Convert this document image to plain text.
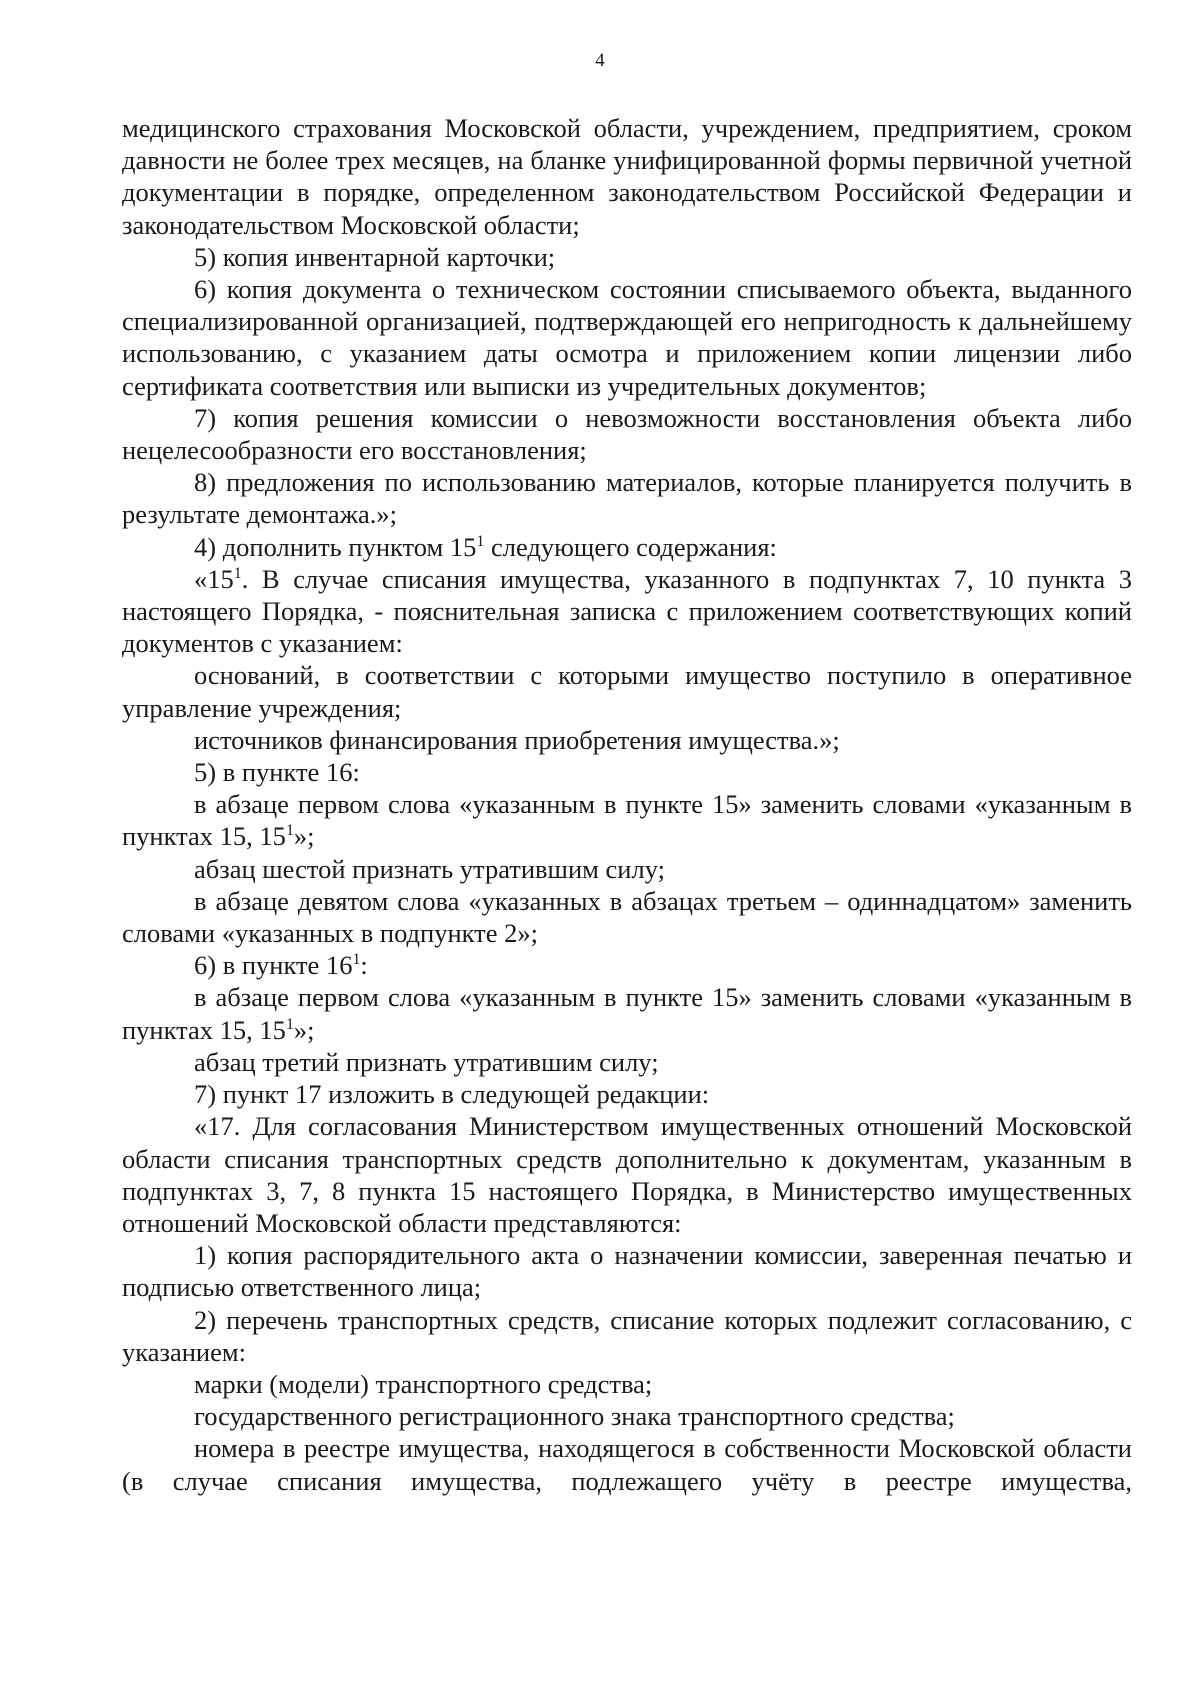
4

медицинского страхования Московской области, учреждением, предприятием, сроком давности не более трех месяцев, на бланке унифицированной формы первичной учетной документации в порядке, определенном законодательством Российской Федерации и законодательством Московской области;

5) копия инвентарной карточки;

6) копия документа о техническом состоянии списываемого объекта, выданного специализированной организацией, подтверждающей его непригодность к дальнейшему использованию, с указанием даты осмотра и приложением копии лицензии либо сертификата соответствия или выписки из учредительных документов;

7) копия решения комиссии о невозможности восстановления объекта либо нецелесообразности его восстановления;

8) предложения по использованию материалов, которые планируется получить в результате демонтажа.»;

4) дополнить пунктом $15^1$ следующего содержания:

«$15^1$. В случае списания имущества, указанного в подпунктах 7, 10 пункта 3 настоящего Порядка, - пояснительная записка с приложением соответствующих копий документов с указанием:

оснований, в соответствии с которыми имущество поступило в оперативное управление учреждения;

источников финансирования приобретения имущества.»;

5) в пункте 16:

в абзаце первом слова «указанным в пункте 15» заменить словами «указанным в пунктах 15, $15^1$»;

абзац шестой признать утратившим силу;

в абзаце девятом слова «указанных в абзацах третьем – одиннадцатом» заменить словами «указанных в подпункте 2»;

6) в пункте $16^1$:

в абзаце первом слова «указанным в пункте 15» заменить словами «указанным в пунктах 15, $15^1$»;

абзац третий признать утратившим силу;

7) пункт 17 изложить в следующей редакции:

«17. Для согласования Министерством имущественных отношений Московской области списания транспортных средств дополнительно к документам, указанным в подпунктах 3, 7, 8 пункта 15 настоящего Порядка, в Министерство имущественных отношений Московской области представляются:

1) копия распорядительного акта о назначении комиссии, заверенная печатью и подписью ответственного лица;

2) перечень транспортных средств, списание которых подлежит согласованию, с указанием:

марки (модели) транспортного средства;

государственного регистрационного знака транспортного средства;

номера в реестре имущества, находящегося в собственности Московской области (в случае списания имущества, подлежащего учёту в реестре имущества,
